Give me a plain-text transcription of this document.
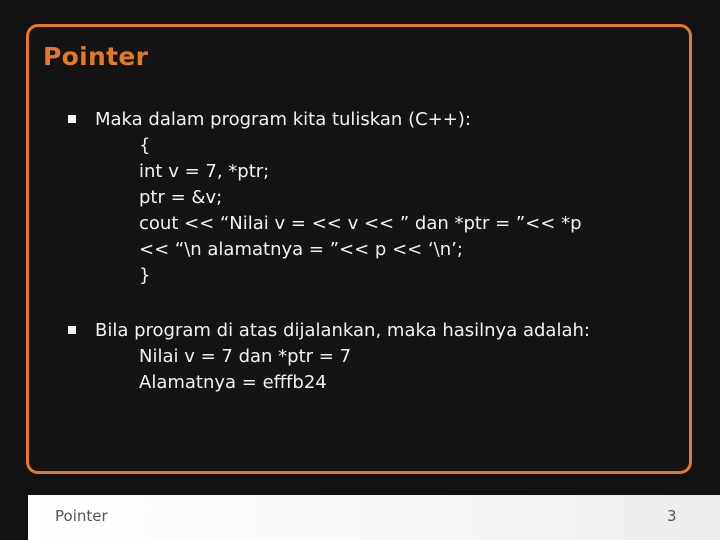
Pointer
Maka dalam program kita tuliskan (C++):
{
int v = 7, *ptr;
ptr = &v;
cout << “Nilai v = << v << ” dan *ptr = ”<< *p
<< “\n alamatnya = ”<< p << ‘\n’;
}
Bila program di atas dijalankan, maka hasilnya adalah:
Nilai v = 7 dan *ptr = 7
Alamatnya = efffb24
Pointer	3
